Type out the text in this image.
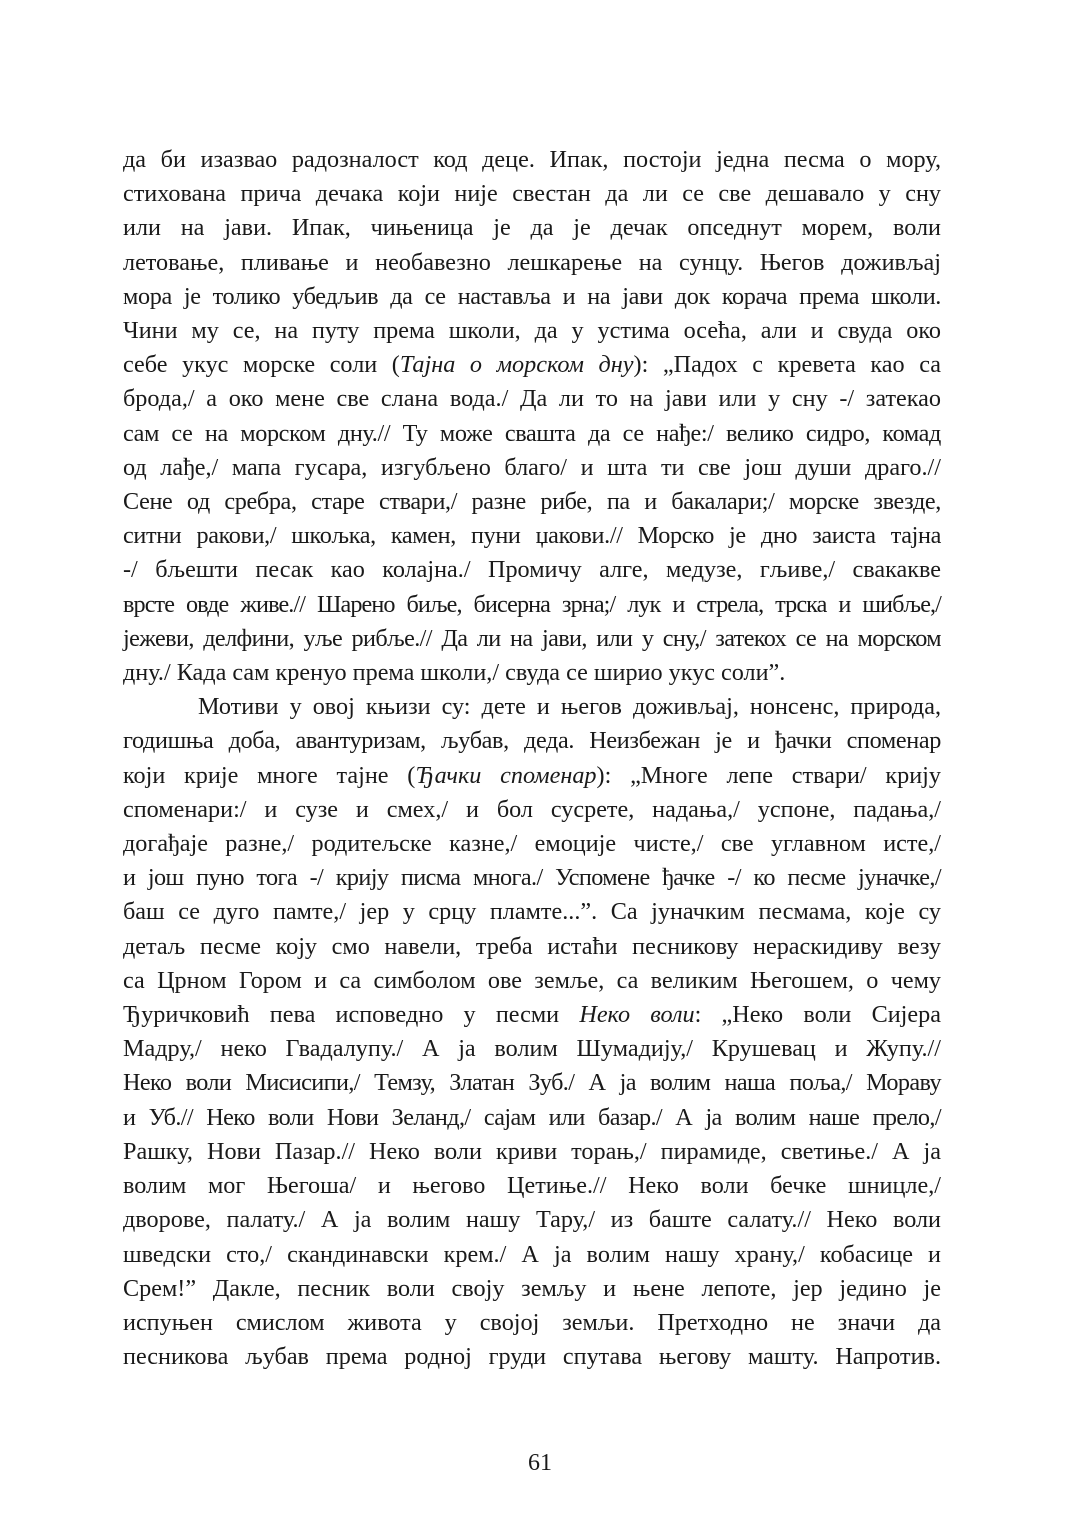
да би изазвао радозналост код деце. Ипак, постоји једна песма о мору,
стихована прича дечака који није свестан да ли се све дешавало у сну
или на јави. Ипак, чињеница је да је дечак опседнут морем, воли
летовање, пливање и необавезно лешкарење на сунцу. Његов доживљај
мора је толико убедљив да се наставља и на јави док корача према школи.
Чини му се, на путу према школи, да у устима осећа, али и свуда око
себе укус морске соли (Тајна о морском дну): „Падох с кревета као са
брода,/ а око мене све слана вода./ Да ли то на јави или у сну -/ затекао
сам се на морском дну.// Ту може свашта да се нађе:/ велико сидро, комад
од лађе,/ мапа гусара, изгубљено благо/ и шта ти све још души драго.//
Сене од сребра, старе ствари,/ разне рибе, па и бакалари;/ морске звезде,
ситни ракови,/ шкољка, камен, пуни џакови.// Морско је дно заиста тајна
-/ бљешти песак као колајна./ Промичу алге, медузе, гљиве,/ свакакве
врсте овде живе.// Шарено биље, бисерна зрна;/ лук и стрела, трска и шибље,/
јежеви, делфини, уље рибље.// Да ли на јави, или у сну,/ затекох се на морском
дну./ Када сам кренуо према школи,/ свуда се ширио укус соли”.
Мотиви у овој књизи су: дете и његов доживљај, нонсенс, природа,
годишња доба, авантуризам, љубав, деда. Неизбежан је и ђачки споменар
који крије многе тајне (Ђачки споменар): „Многе лепе ствари/ крију
споменари:/ и сузе и смех,/ и бол сусрете, надања,/ успоне, падања,/
догађаје разне,/ родитељске казне,/ емоције чисте,/ све углавном исте,/
и још пуно тога -/ крију писма многа./ Успомене ђачке -/ ко песме јуначке,/
баш се дуго памте,/ јер у срцу пламте...”. Са јуначким песмама, које су
детаљ песме коју смо навели, треба истаћи песникову нераскидиву везу
са Црном Гором и са симболом ове земље, са великим Његошем, о чему
Ђуричковић пева исповедно у песми Неко воли: „Неко воли Сијера
Мадру,/ неко Гвадалупу./ А ја волим Шумадију,/ Крушевац и Жупу.//
Неко воли Мисисипи,/ Темзу, Златан Зуб./ А ја волим наша поља,/ Мораву
и Уб.// Неко воли Нови Зеланд,/ сајам или базар./ А ја волим наше прело,/
Рашку, Нови Пазар.// Неко воли криви торањ,/ пирамиде, светиње./ А ја
волим мог Његоша/ и његово Цетиње.// Неко воли бечке шницле,/
дворове, палату./ А ја волим нашу Тару,/ из баште салату.// Неко воли
шведски сто,/ скандинавски крем./ А ја волим нашу храну,/ кобасице и
Срем!” Дакле, песник воли своју земљу и њене лепоте, јер једино је
испуњен смислом живота у својој земљи. Претходно не значи да
песникова љубав према родној груди спутава његову машту. Напротив.
61
